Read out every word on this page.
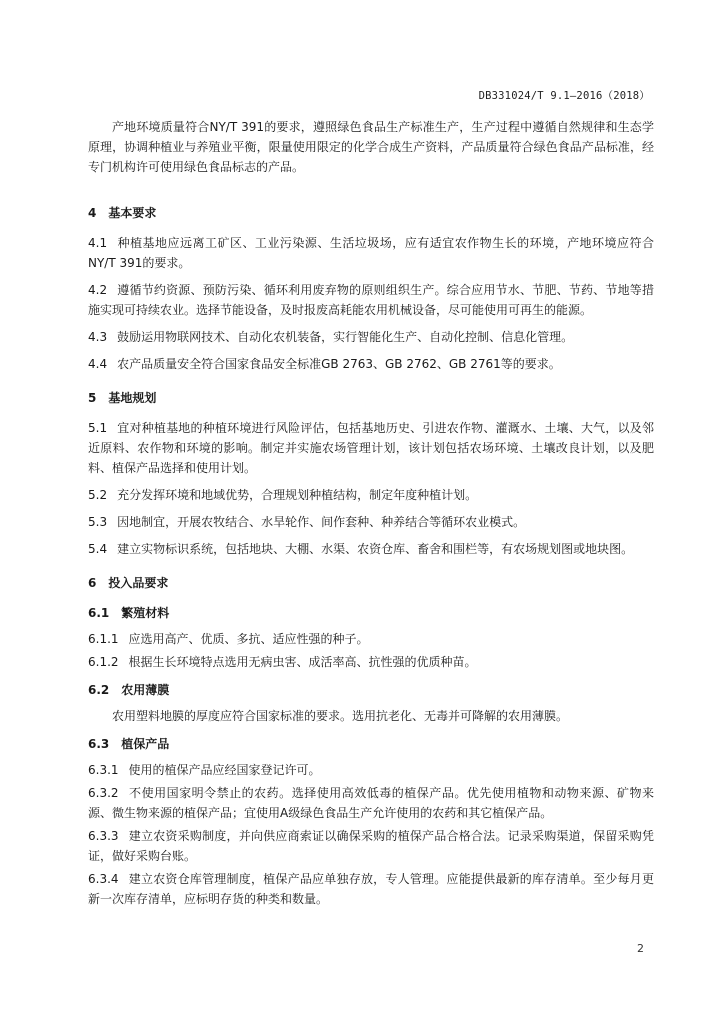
DB331024/T 9.1—2016（2018）

产地环境质量符合NY/T 391的要求，遵照绿色食品生产标准生产，生产过程中遵循自然规律和生态学原理，协调种植业与养殖业平衡，限量使用限定的化学合成生产资料，产品质量符合绿色食品产品标准，经专门机构许可使用绿色食品标志的产品。

4　基本要求

4.1 种植基地应远离工矿区、工业污染源、生活垃圾场，应有适宜农作物生长的环境，产地环境应符合NY/T 391的要求。

4.2 遵循节约资源、预防污染、循环利用废弃物的原则组织生产。综合应用节水、节肥、节药、节地等措施实现可持续农业。选择节能设备，及时报废高耗能农用机械设备，尽可能使用可再生的能源。

4.3 鼓励运用物联网技术、自动化农机装备，实行智能化生产、自动化控制、信息化管理。

4.4 农产品质量安全符合国家食品安全标准GB 2763、GB 2762、GB 2761等的要求。

5　基地规划

5.1 宜对种植基地的种植环境进行风险评估，包括基地历史、引进农作物、灌溉水、土壤、大气，以及邻近原料、农作物和环境的影响。制定并实施农场管理计划，该计划包括农场环境、土壤改良计划，以及肥料、植保产品选择和使用计划。

5.2 充分发挥环境和地域优势，合理规划种植结构，制定年度种植计划。

5.3 因地制宜，开展农牧结合、水旱轮作、间作套种、种养结合等循环农业模式。

5.4 建立实物标识系统，包括地块、大棚、水渠、农资仓库、畜舍和围栏等，有农场规划图或地块图。

6　投入品要求

6.1　繁殖材料

6.1.1 应选用高产、优质、多抗、适应性强的种子。

6.1.2 根据生长环境特点选用无病虫害、成活率高、抗性强的优质种苗。

6.2　农用薄膜

农用塑料地膜的厚度应符合国家标准的要求。选用抗老化、无毒并可降解的农用薄膜。

6.3　植保产品

6.3.1 使用的植保产品应经国家登记许可。

6.3.2 不使用国家明令禁止的农药。选择使用高效低毒的植保产品。优先使用植物和动物来源、矿物来源、微生物来源的植保产品；宜使用A级绿色食品生产允许使用的农药和其它植保产品。

6.3.3 建立农资采购制度，并向供应商索证以确保采购的植保产品合格合法。记录采购渠道，保留采购凭证，做好采购台账。

6.3.4 建立农资仓库管理制度，植保产品应单独存放，专人管理。应能提供最新的库存清单。至少每月更新一次库存清单，应标明存货的种类和数量。

2
